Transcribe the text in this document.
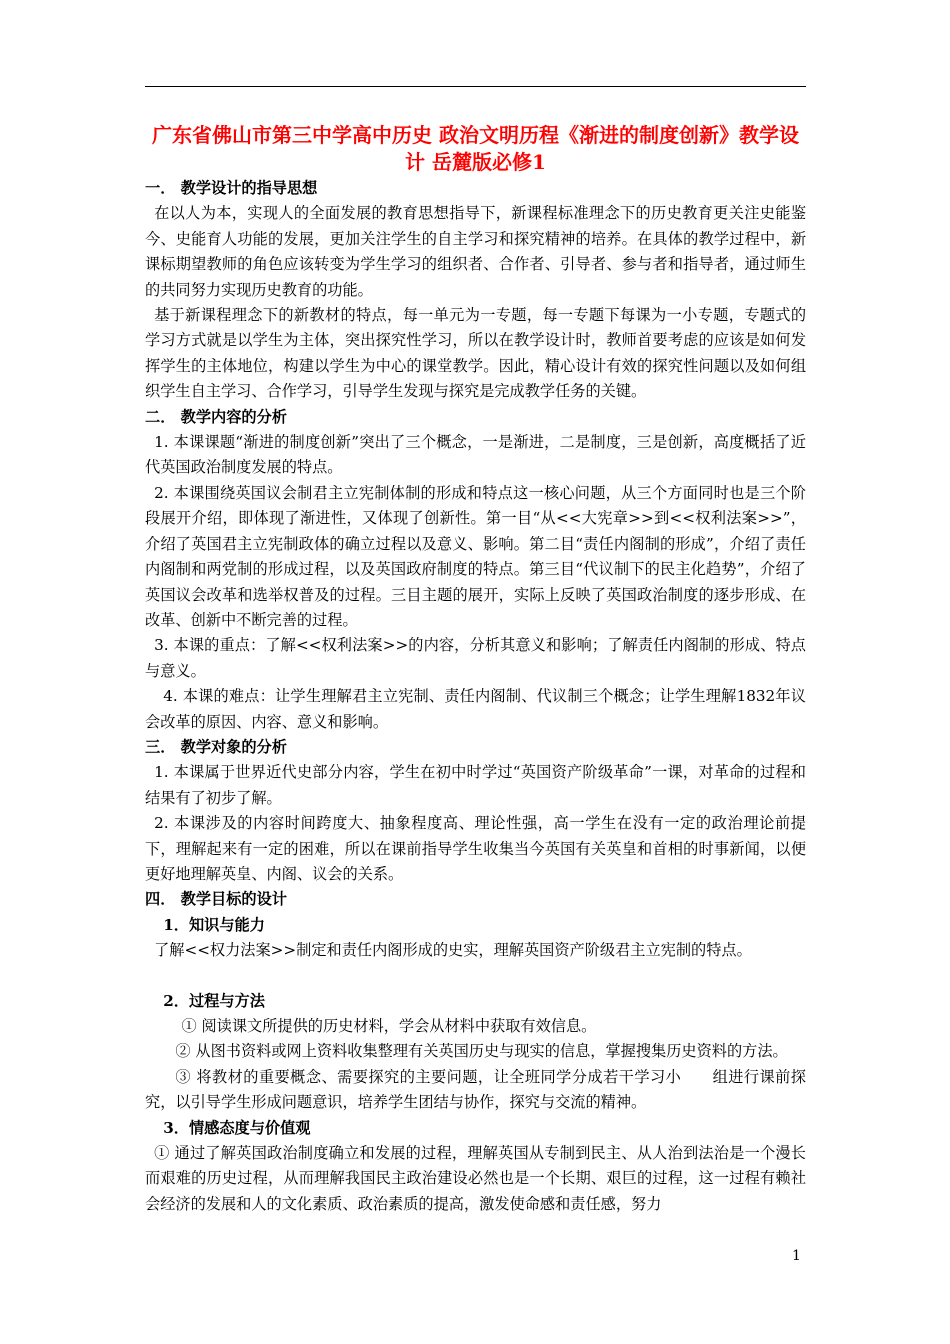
广东省佛山市第三中学高中历史 政治文明历程《渐进的制度创新》教学设计 岳麓版必修1

一． 教学设计的指导思想

在以人为本，实现人的全面发展的教育思想指导下，新课程标准理念下的历史教育更关注史能鉴今、史能育人功能的发展，更加关注学生的自主学习和探究精神的培养。在具体的教学过程中，新课标期望教师的角色应该转变为学生学习的组织者、合作者、引导者、参与者和指导者，通过师生的共同努力实现历史教育的功能。

基于新课程理念下的新教材的特点，每一单元为一专题，每一专题下每课为一小专题，专题式的学习方式就是以学生为主体，突出探究性学习，所以在教学设计时，教师首要考虑的应该是如何发挥学生的主体地位，构建以学生为中心的课堂教学。因此，精心设计有效的探究性问题以及如何组织学生自主学习、合作学习，引导学生发现与探究是完成教学任务的关键。

二． 教学内容的分析

1. 本课课题“渐进的制度创新”突出了三个概念，一是渐进，二是制度，三是创新，高度概括了近代英国政治制度发展的特点。

2. 本课围绕英国议会制君主立宪制体制的形成和特点这一核心问题，从三个方面同时也是三个阶段展开介绍，即体现了渐进性，又体现了创新性。第一目“从<<大宪章>>到<<权利法案>>”，介绍了英国君主立宪制政体的确立过程以及意义、影响。第二目“责任内阁制的形成”，介绍了责任内阁制和两党制的形成过程，以及英国政府制度的特点。第三目“代议制下的民主化趋势”，介绍了英国议会改革和选举权普及的过程。三目主题的展开，实际上反映了英国政治制度的逐步形成、在改革、创新中不断完善的过程。

3. 本课的重点：了解<<权利法案>>的内容，分析其意义和影响；了解责任内阁制的形成、特点与意义。

4. 本课的难点：让学生理解君主立宪制、责任内阁制、代议制三个概念；让学生理解1832年议会改革的原因、内容、意义和影响。

三． 教学对象的分析

1. 本课属于世界近代史部分内容，学生在初中时学过“英国资产阶级革命”一课，对革命的过程和结果有了初步了解。

2. 本课涉及的内容时间跨度大、抽象程度高、理论性强，高一学生在没有一定的政治理论前提下，理解起来有一定的困难，所以在课前指导学生收集当今英国有关英皇和首相的时事新闻，以便更好地理解英皇、内阁、议会的关系。

四． 教学目标的设计

1．知识与能力

了解<<权力法案>>制定和责任内阁形成的史实，理解英国资产阶级君主立宪制的特点。

2．过程与方法

① 阅读课文所提供的历史材料，学会从材料中获取有效信息。

② 从图书资料或网上资料收集整理有关英国历史与现实的信息，掌握搜集历史资料的方法。

③ 将教材的重要概念、需要探究的主要问题，让全班同学分成若干学习小　　组进行课前探究，以引导学生形成问题意识，培养学生团结与协作，探究与交流的精神。

3．情感态度与价值观

① 通过了解英国政治制度确立和发展的过程，理解英国从专制到民主、从人治到法治是一个漫长而艰难的历史过程，从而理解我国民主政治建设必然也是一个长期、艰巨的过程，这一过程有赖社会经济的发展和人的文化素质、政治素质的提高，激发使命感和责任感，努力

1
